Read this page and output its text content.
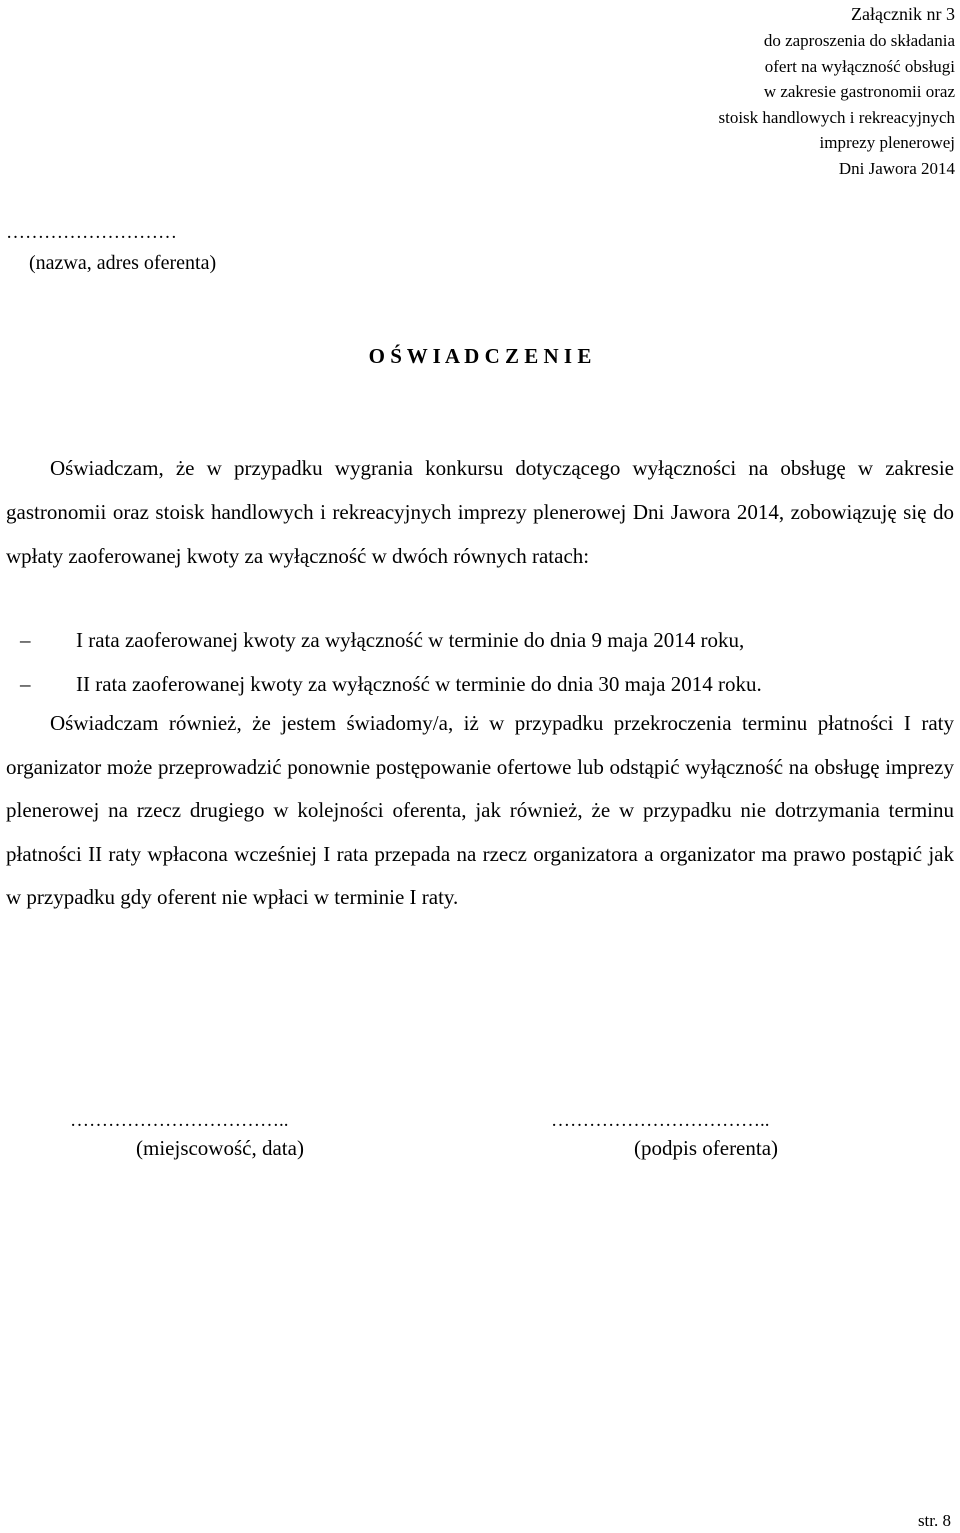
Załącznik nr 3
do zaproszenia do składania
ofert na wyłączność obsługi
w zakresie gastronomii oraz
stoisk handlowych i rekreacyjnych
imprezy plenerowej
Dni Jawora 2014
………………………
(nazwa, adres oferenta)
O Ś W I A D C Z E N I E
Oświadczam, że w przypadku wygrania konkursu dotyczącego wyłączności na obsługę w zakresie gastronomii oraz stoisk handlowych i rekreacyjnych imprezy plenerowej Dni Jawora 2014, zobowiązuję się do wpłaty zaoferowanej kwoty za wyłączność w dwóch równych ratach:
– I rata zaoferowanej kwoty za wyłączność w terminie do dnia 9 maja 2014 roku,
– II rata zaoferowanej kwoty za wyłączność w terminie do dnia 30 maja 2014 roku.
Oświadczam również, że jestem świadomy/a, iż w przypadku przekroczenia terminu płatności I raty organizator może przeprowadzić ponownie postępowanie ofertowe lub odstąpić wyłączność na obsługę imprezy plenerowej na rzecz drugiego w kolejności oferenta, jak również, że w przypadku nie dotrzymania terminu płatności II raty wpłacona wcześniej I rata przepada na rzecz organizatora a organizator ma prawo postąpić jak w przypadku gdy oferent nie wpłaci w terminie I raty.
……………………………..	……………………………..
(miejscowość, data)	(podpis oferenta)
str. 8
